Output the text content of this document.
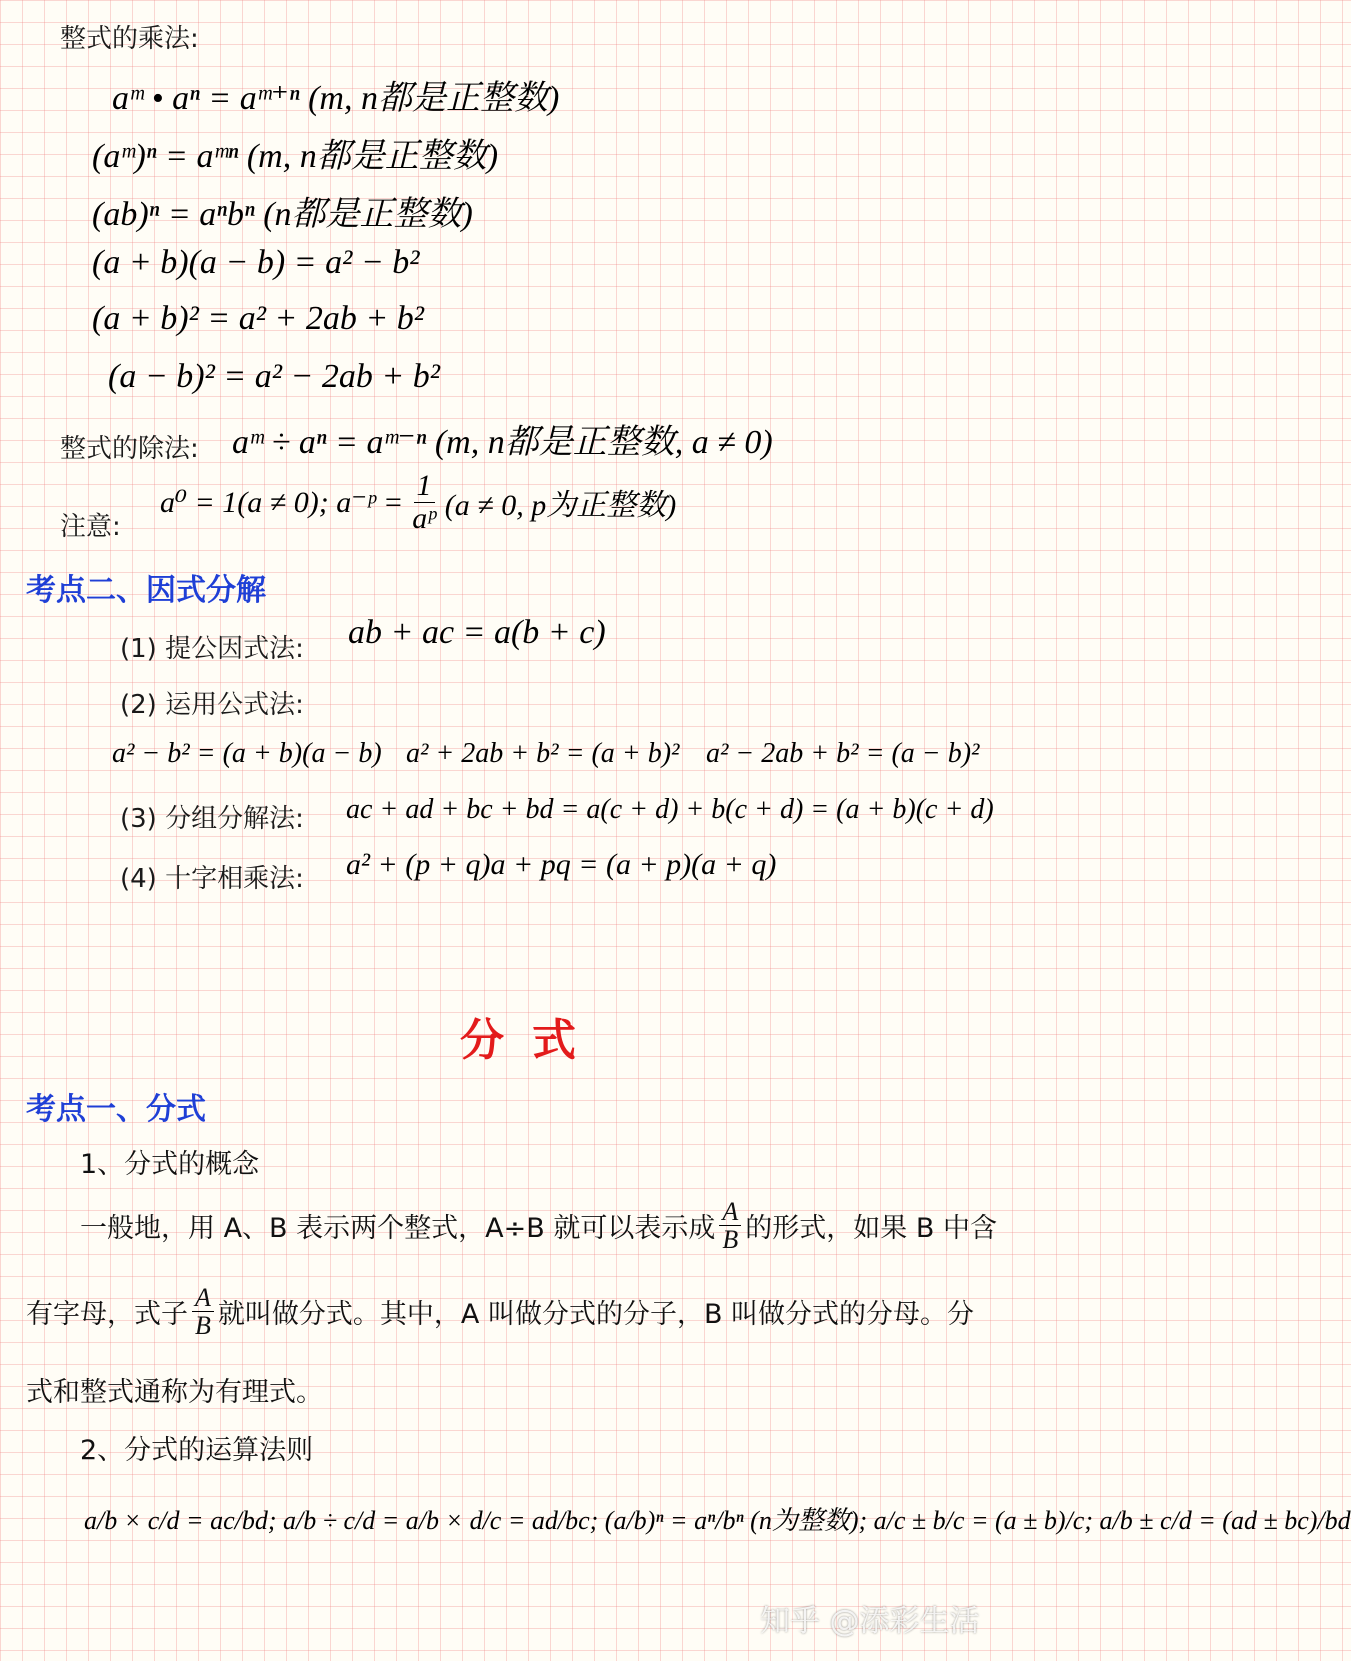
整式的乘法:
aᵐ • aⁿ = aᵐ⁺ⁿ (m, n都是正整数)
(aᵐ)ⁿ = aᵐⁿ (m, n都是正整数)
(ab)ⁿ = aⁿbⁿ (n都是正整数)
(a + b)(a − b) = a² − b²
(a + b)² = a² + 2ab + b²
(a − b)² = a² − 2ab + b²
整式的除法: aᵐ ÷ aⁿ = aᵐ⁻ⁿ (m, n都是正整数, a ≠ 0)
注意:
a⁰ = 1(a ≠ 0); a⁻ᵖ = $\frac{1}{\text{aᵖ}} (a \ne 0$, p为正整数)
考点二、因式分解
(1) 提公因式法: ab + ac = a(b + c)
(2) 运用公式法:
a² − b² = (a + b)(a − b) a² + 2ab + b² = (a + b)² a² − 2ab + b² = (a − b)²
(3) 分组分解法: ac + ad + bc + bd = a(c + d) + b(c + d) = (a + b)(c + d)
(4) 十字相乘法: a² + (p + q)a + pq = (a + p)(a + q)
分式
考点一、分式
1、分式的概念
一般地，用 A、B 表示两个整式，A÷B 就可以表示成 $\frac{A}{B}$ 的形式，如果 B 中含
有字母，式子 $\frac{A}{B}$ 就叫做分式。其中，A 叫做分式的分子，B 叫做分式的分母。分
式和整式通称为有理式。
2、分式的运算法则
a/b × c/d = ac/bd; a/b ÷ c/d = a/b × d/c = ad/bc; (a/b)ⁿ = aⁿ/bⁿ (n为整数); a/c ± b/c = (a ± b)/c; a/b ± c/d = (ad ± bc)/bd
知乎 @添彩生活
